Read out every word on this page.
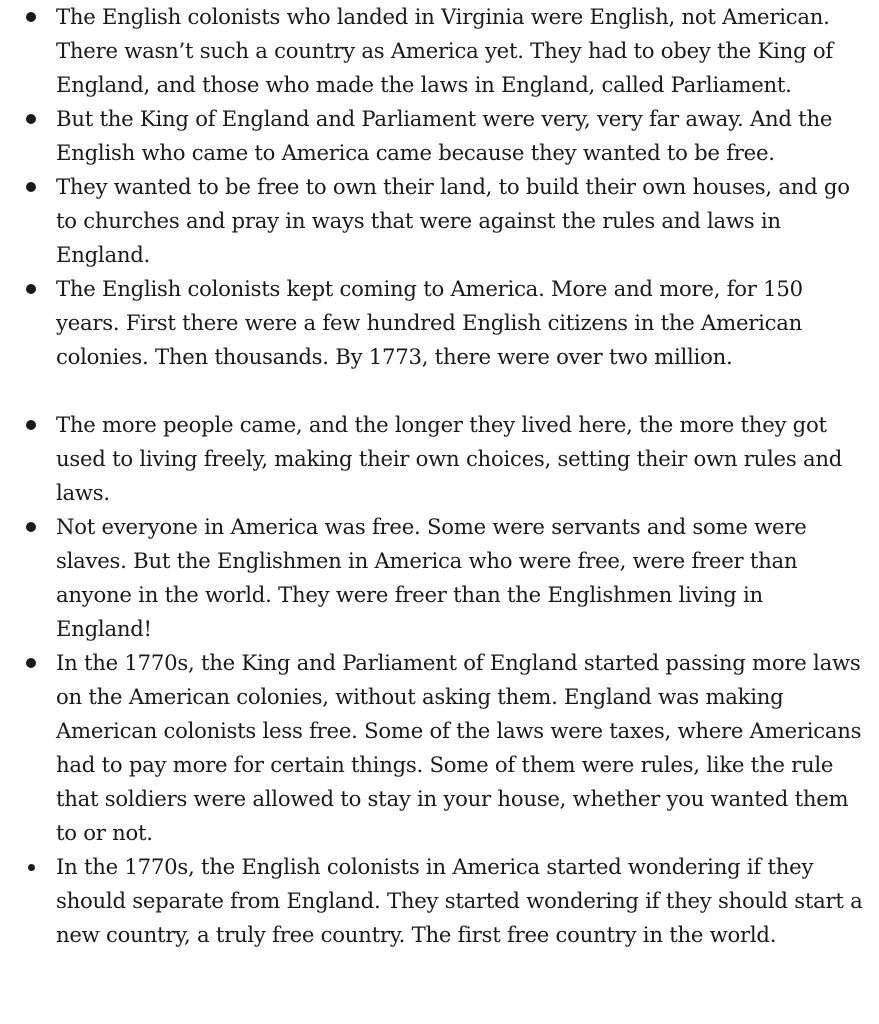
The English colonists who landed in Virginia were English, not American. There wasn’t such a country as America yet. They had to obey the King of England, and those who made the laws in England, called Parliament.
But the King of England and Parliament were very, very far away. And the English who came to America came because they wanted to be free.
They wanted to be free to own their land, to build their own houses, and go to churches and pray in ways that were against the rules and laws in England.
The English colonists kept coming to America. More and more, for 150 years. First there were a few hundred English citizens in the American colonies. Then thousands. By 1773, there were over two million.
The more people came, and the longer they lived here, the more they got used to living freely, making their own choices, setting their own rules and laws.
Not everyone in America was free. Some were servants and some were slaves. But the Englishmen in America who were free, were freer than anyone in the world. They were freer than the Englishmen living in England!
In the 1770s, the King and Parliament of England started passing more laws on the American colonies, without asking them. England was making American colonists less free. Some of the laws were taxes, where Americans had to pay more for certain things. Some of them were rules, like the rule that soldiers were allowed to stay in your house, whether you wanted them to or not.
In the 1770s, the English colonists in America started wondering if they should separate from England. They started wondering if they should start a new country, a truly free country. The first free country in the world.
